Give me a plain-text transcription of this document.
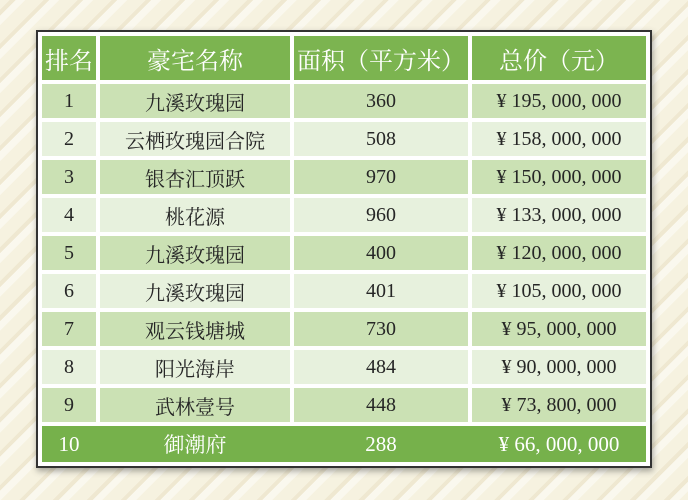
排名	豪宅名称	面积（平方米）	总价（元）
1	九溪玫瑰园	360	¥ 195, 000, 000
2	云栖玫瑰园合院	508	¥ 158, 000, 000
3	银杏汇顶跃	970	¥ 150, 000, 000
4	桃花源	960	¥ 133, 000, 000
5	九溪玫瑰园	400	¥ 120, 000, 000
6	九溪玫瑰园	401	¥ 105, 000, 000
7	观云钱塘城	730	¥ 95, 000, 000
8	阳光海岸	484	¥ 90, 000, 000
9	武林壹号	448	¥ 73, 800, 000
10	御潮府	288	¥ 66, 000, 000
